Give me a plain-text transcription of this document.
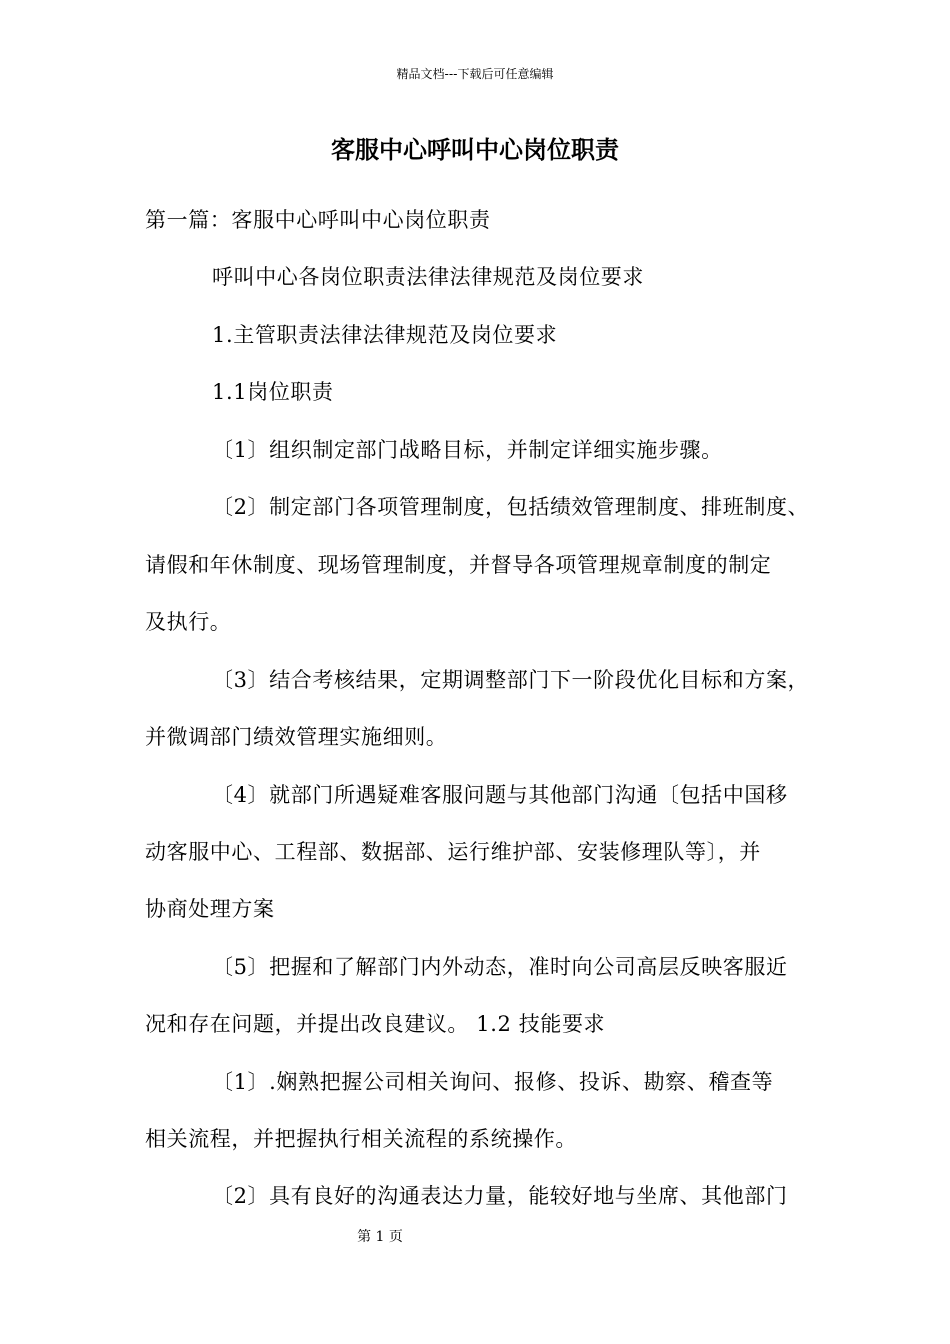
精品文档---下载后可任意编辑
客服中心呼叫中心岗位职责
第一篇：客服中心呼叫中心岗位职责
呼叫中心各岗位职责法律法律规范及岗位要求
1.主管职责法律法律规范及岗位要求
1.1岗位职责
〔1〕组织制定部门战略目标，并制定详细实施步骤。
〔2〕制定部门各项管理制度，包括绩效管理制度、排班制度、
请假和年休制度、现场管理制度，并督导各项管理规章制度的制定
及执行。
〔3〕结合考核结果，定期调整部门下一阶段优化目标和方案，
并微调部门绩效管理实施细则。
〔4〕就部门所遇疑难客服问题与其他部门沟通〔包括中国移
动客服中心、工程部、数据部、运行维护部、安装修理队等〕，并
协商处理方案
〔5〕把握和了解部门内外动态，准时向公司高层反映客服近
况和存在问题，并提出改良建议。 1.2 技能要求
〔1〕.娴熟把握公司相关询问、报修、投诉、勘察、稽查等
相关流程，并把握执行相关流程的系统操作。
〔2〕具有良好的沟通表达力量，能较好地与坐席、其他部门
第 1 页
